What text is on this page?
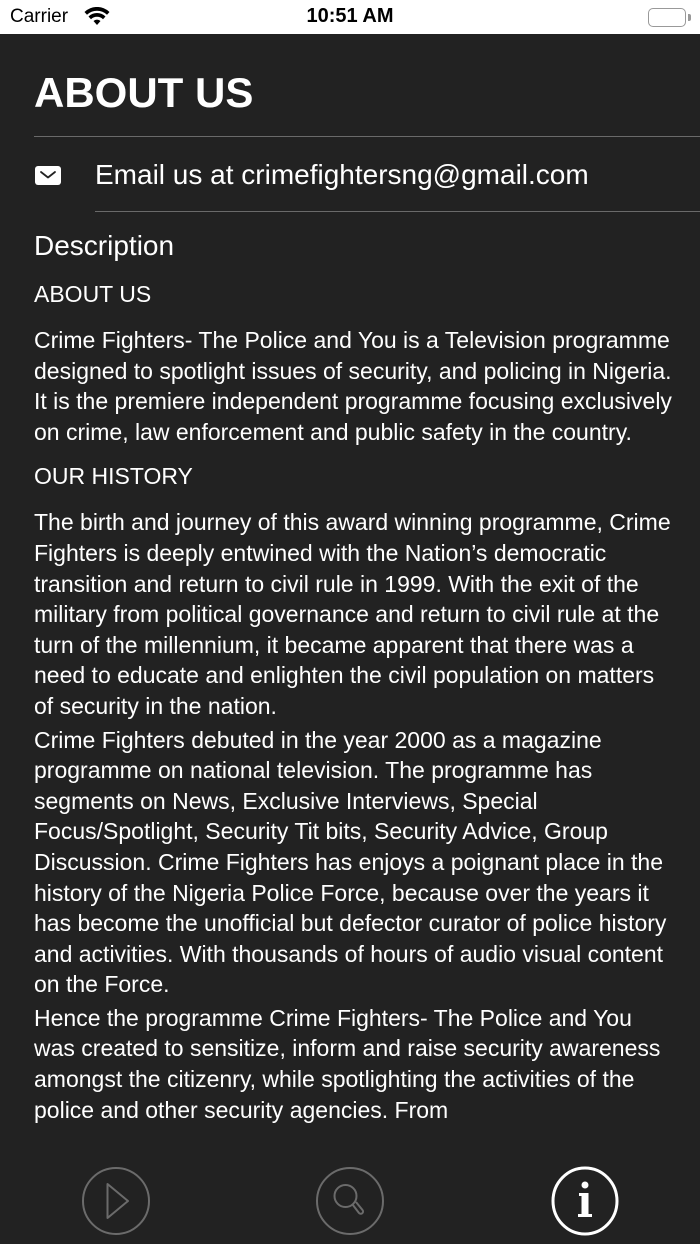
Carrier	10:51 AM
ABOUT US
Email us at crimefightersng@gmail.com
Description
ABOUT US

Crime Fighters- The Police and You is a Television programme designed to spotlight issues of security, and policing in Nigeria. It is the premiere independent programme focusing exclusively on crime, law enforcement and public safety in the country.

OUR HISTORY

The birth and journey of this award winning programme, Crime Fighters is deeply entwined with the Nation’s democratic transition and return to civil rule in 1999. With the exit of the military from political governance and return to civil rule at the turn of the millennium, it became apparent that there was a need to educate and enlighten the civil population on matters of security in the nation.

Crime Fighters debuted in the year 2000 as a magazine programme on national television. The programme has segments on News, Exclusive Interviews, Special Focus/Spotlight, Security Tit bits, Security Advice, Group Discussion. Crime Fighters has enjoys a poignant place in the history of the Nigeria Police Force, because over the years it has become the unofficial but defector curator of police history and activities. With thousands of hours of audio visual content on the Force.

Hence the programme Crime Fighters- The Police and You was created to sensitize, inform and raise security awareness amongst the citizenry, while spotlighting the activities of the police and other security agencies. From
